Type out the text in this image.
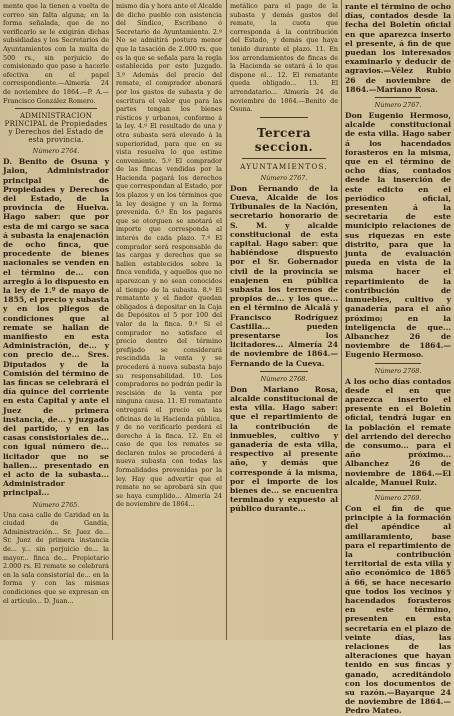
mente que la tienen a vuelta de correo sin falta alguna; en la forma señalada, que de no verificarlo se le exigirán dichas subsidiadas y los Secretarios de Ayuntamientos con la multa de 500 rs., sin perjuicio de comisionado que pase a hacerle efectiva en el papel correspondiente.—Almería 24 de noviembre de 1864.—P. A.—Francisco González Romero.

ADMINISTRACION PRINCIPAL de Propiedades y Derechos del Estado de esta provincia.

Número 2764.

D. Benito de Osuna y Jalon, Administrador principal de Propiedades y Derechos del Estado, de la provincia de Huelva. Hago saber: que por esta de mi cargo se saca á subasta la enajenación de ocho finca, que procedente de bienes nacionales se venden en el término de... con arreglo á lo dispuesto en la ley de 1.º de mayo de 1855, el precio y subasta y en los pliegos de condiciones que al remate se hallan de manifiesto en esta Administración, de... y con precio de... Sres. Diputados y de la Comisión del término de las fincas se celebrará el día quince del corriente en esta Capital y ante el Juez de primera instancia, de... y juzgado del partido, y en las casas consistoriales de... con igual número de... licitador que no se hallen... presentado en el acto de la subasta... Administrador principal...

Número 2765.

Una casa calle de Caridad en la ciudad de Gandía, Administración... Sr. Juez de... Sr. Juez de primera instancia de... y... sin perjuicio de... la mayor... finca de... Propietario 2.000 rs. El remate se celebrará en la sala consistorial de... en la forma y con las mismas condiciones que se expresan en el artículo... D. Juan...

mismo día y hora ante el Alcalde de dicho pueblo con asistencia del Síndico, Escribano ó Secretario de Ayuntamiento. 2.º No se admitirá postura menor que la tasación de 2.000 rs. que es la que se señala para la regla establecida por este Juzgado. 3.º Además del precio del remate, el comprador abonará por los gastos de subasta y de escritura el valor que para las partes tengan los bienes rústicos y urbanos, conforme á la ley. 4.º El resultado de una y otra subasta será elevado á la superioridad, para que en su vista resuelva lo que estime conveniente. 5.º El comprador de las fincas vendidas por la Hacienda pagará los derechos que correspondan al Estado, por los plazos y en los términos que la ley designe y en la forma prevenida. 6.º En los pagarés que se otorguen se anotará el importe que corresponda al interés de cada plazo. 7.º El comprador será responsable de las cargas y derechos que se hallen establecidos sobre la finca vendida, y aquellos que no aparezcan y no sean conocidos al tiempo de la subasta. 8.º El rematante y el fiador quedan obligados á depositar en la Caja de Depósitos el 5 por 100 del valor de la finca. 9.º Si el comprador no satisface el precio dentro del término prefijado se considerará rescindida la venta y se procederá á nueva subasta bajo su responsabilidad. 10. Los compradores no podrán pedir la rescisión de la venta por ninguna causa. 11. El rematante entregará el precio en las oficinas de la Hacienda pública, y de no verificarlo perderá el derecho á la finca. 12. En el caso de que los remates se declaren nulos se procederá á nueva subasta con todas las formalidades prevenidas por la ley. Hay que advertir que el remate no se aprobará sin que se haya cumplido... Almería 24 de noviembre de 1864...

metálico para el pago de la subasta y demás gastos del remate, la cuota que corresponda á la contribución del Estado, y demás que haya tenido durante el plazo. 11. En los arrendamientos de fincas de la Hacienda se estará á lo que dispone el... 12. El rematante queda obligado... 13. El arrendatario... Almería 24 de noviembre de 1864.—Benito de Osuna.

Tercera seccion.

AYUNTAMIENTOS.

Número 2767.

Don Fernando de la Cueva, Alcalde de los Tribunales de la Nación, secretario honorario de S. M. y alcalde constitucional de esta capital. Hago saber: que habiéndose dispuesto por el Sr. Gobernador civil de la provincia se enajenen en pública subasta los terrenos de propios de... y los que... en el término de Alcalá y Francisco Rodríguez Castilla... pueden presentarse los licitadores... Almería 24 de noviembre de 1864.—Fernando de la Cueva.

Número 2768.

Don Mariano Rosa, alcalde constitucional de esta villa. Hago saber: que el repartimiento de la contribución de inmuebles, cultivo y ganadería de esta villa, respectivo al presente año, y demás que corresponde á la misma, por el importe de los bienes de... se encuentra terminado y expuesto al público durante...

rante el término de ocho días, contados desde la fecha del Boletín oficial en que aparezca inserto el presente, á fin de que puedan los interesados examinarlo y deducir de agravios.—Vélez Rubio 26 de noviembre de 1864.—Mariano Rosa.

Número 2767.

Don Eugenio Hermoso, alcalde constitucional de esta villa. Hago saber á los hacendados forasteros en la misma, que en el término de ocho días, contados desde la inserción de este edicto en el periódico oficial, presenten á la secretaría de este municipio relaciones de sus riquezas en este distrito, para que la junta de evaluación pueda en vista de la misma hacer el repartimiento de la contribución de inmuebles, cultivo y ganadería para el año próximo; en la inteligencia de que... Albanchez 26 de noviembre de 1864.—Eugenio Hermoso.

Número 2768.

A los ocho días contados desde el en que aparezca inserto el presente en el Boletín oficial, tendrá lugar en la población el remate del arriendo del derecho de consumo... para el año próximo... Albanchez 26 de noviembre de 1864.—El alcalde, Manuel Ruiz.

Número 2769.

Con el fin de que principie á la formación del apéndice al amillaramiento, base para el repartimiento de la contribución territorial de esta villa y año económico de 1865 á 66, se hace necesario que todos los vecinos y hacendados forasteros en este término, presenten en esta secretaría en el plazo de veinte días, las relaciones de las alteraciones que hayan tenido en sus fincas y ganado, acreditándolo con los documentos de su razón.—Bayarque 24 de noviembre de 1864.—Pedro Mateo.
